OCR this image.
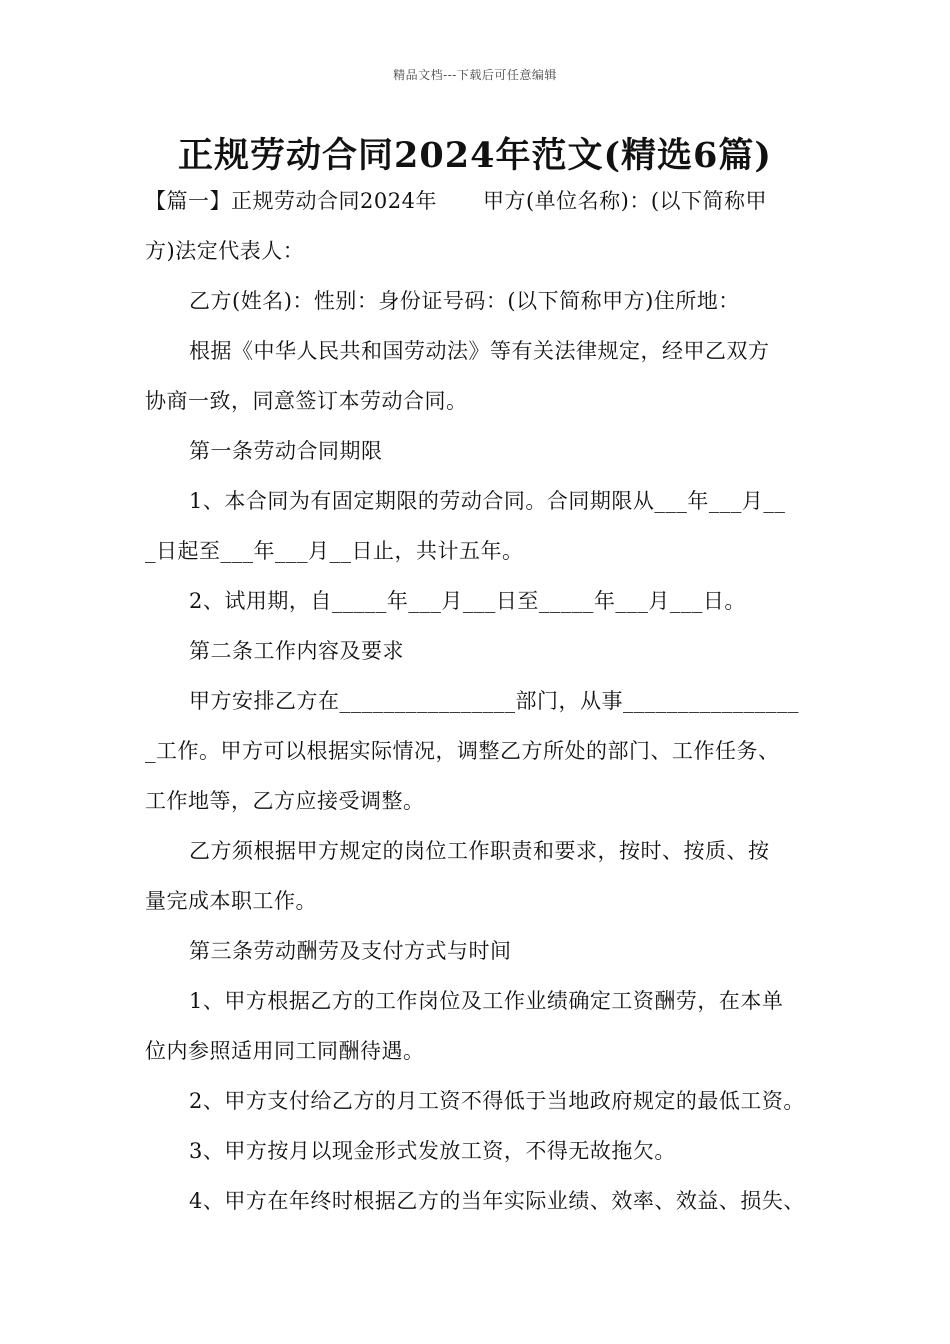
精品文档---下载后可任意编辑
正规劳动合同2024年范文(精选6篇)
【篇一】正规劳动合同2024年 甲方(单位名称)：(以下简称甲
方)法定代表人：
乙方(姓名)：性别：身份证号码：(以下简称甲方)住所地：
根据《中华人民共和国劳动法》等有关法律规定，经甲乙双方
协商一致，同意签订本劳动合同。
第一条劳动合同期限
1、本合同为有固定期限的劳动合同。合同期限从___年___月__
_日起至___年___月__日止，共计五年。
2、试用期，自_____年___月___日至_____年___月___日。
第二条工作内容及要求
甲方安排乙方在________________部门，从事________________
_工作。甲方可以根据实际情况，调整乙方所处的部门、工作任务、
工作地等，乙方应接受调整。
乙方须根据甲方规定的岗位工作职责和要求，按时、按质、按
量完成本职工作。
第三条劳动酬劳及支付方式与时间
1、甲方根据乙方的工作岗位及工作业绩确定工资酬劳，在本单
位内参照适用同工同酬待遇。
2、甲方支付给乙方的月工资不得低于当地政府规定的最低工资。
3、甲方按月以现金形式发放工资，不得无故拖欠。
4、甲方在年终时根据乙方的当年实际业绩、效率、效益、损失、
